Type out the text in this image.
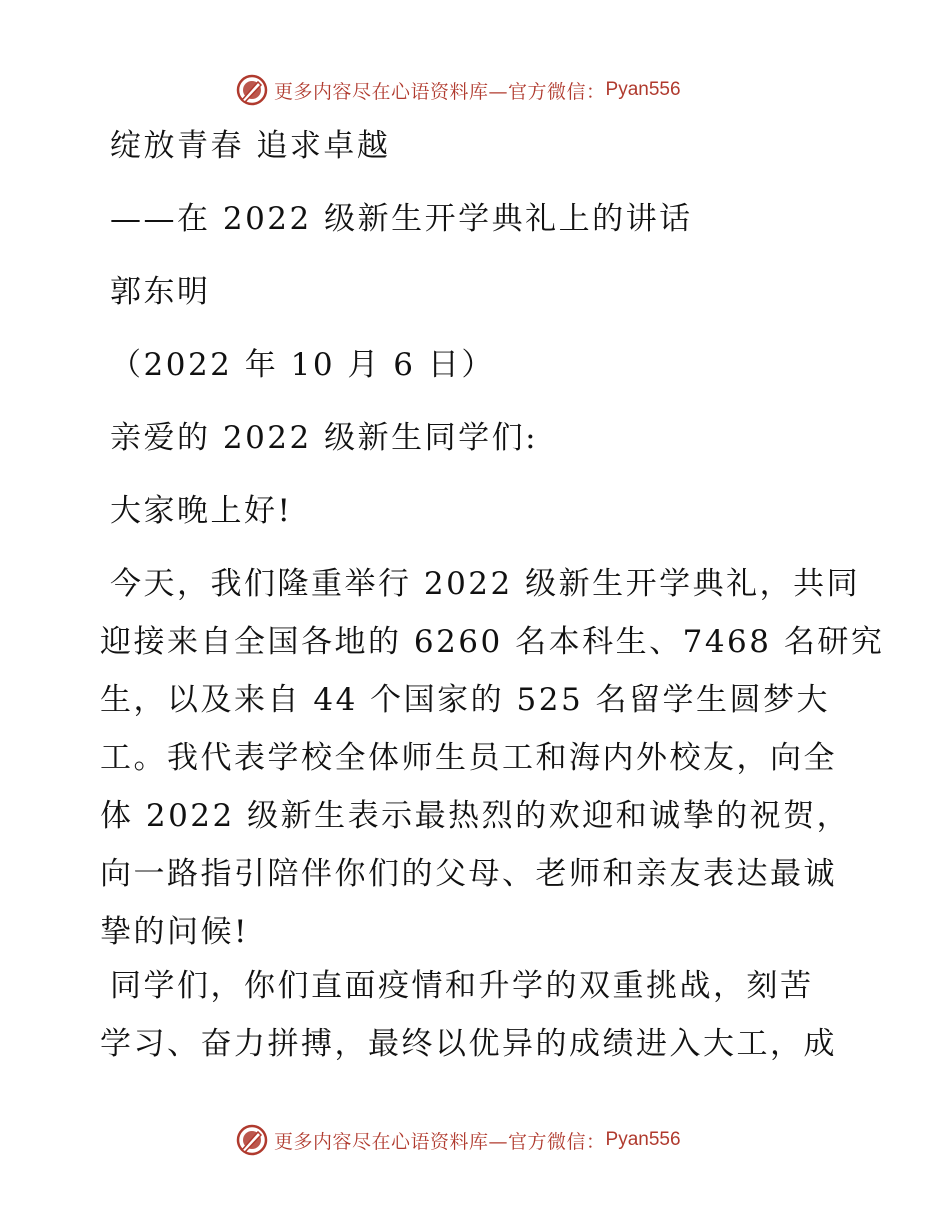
更多内容尽在心语资料库—官方微信： Pyan556
绽放青春 追求卓越
——在 2022 级新生开学典礼上的讲话
郭东明
（2022 年 10 月 6 日）
亲爱的 2022 级新生同学们:
大家晚上好!
今天，我们隆重举行 2022 级新生开学典礼，共同
迎接来自全国各地的 6260 名本科生、7468 名研究
生，以及来自 44 个国家的 525 名留学生圆梦大
工。我代表学校全体师生员工和海内外校友，向全
体 2022 级新生表示最热烈的欢迎和诚挚的祝贺，
向一路指引陪伴你们的父母、老师和亲友表达最诚
挚的问候!
同学们，你们直面疫情和升学的双重挑战，刻苦
学习、奋力拼搏，最终以优异的成绩进入大工，成
更多内容尽在心语资料库—官方微信： Pyan556
